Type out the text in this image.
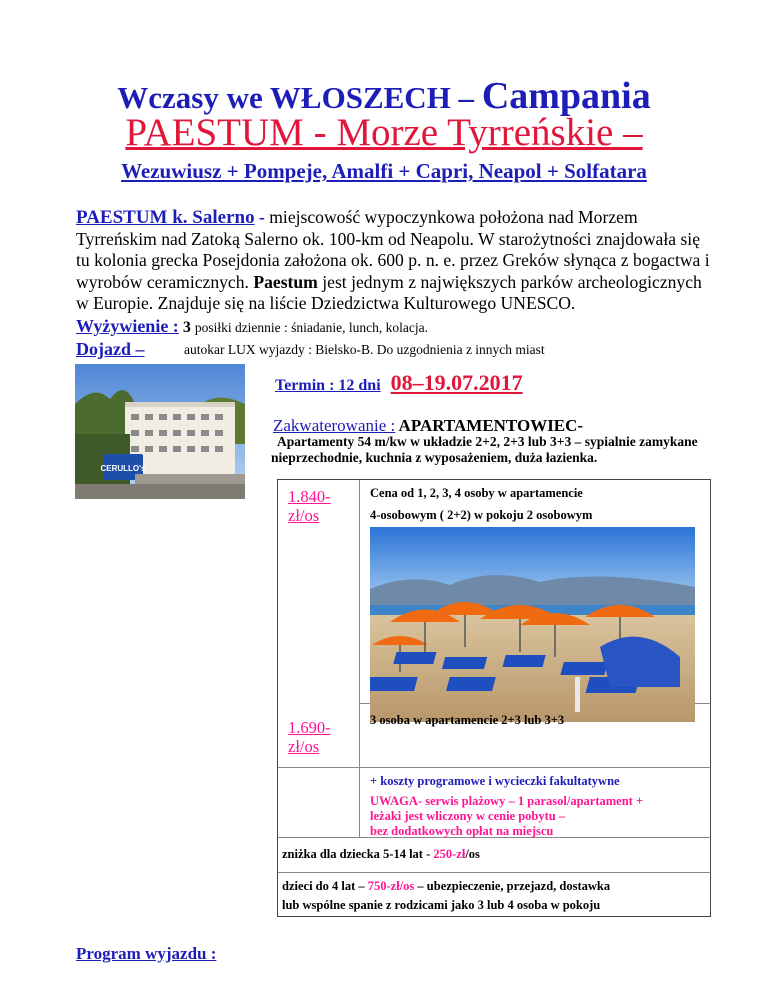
Wczasy we WŁOSZECH – Campania
PAESTUM - Morze Tyrreńskie –
Wezuwiusz + Pompeje, Amalfi + Capri, Neapol + Solfatara
PAESTUM k. Salerno - miejscowość wypoczynkowa położona nad Morzem Tyrreńskim nad Zatoką Salerno ok. 100-km od Neapolu. W starożytności znajdowała się tu kolonia grecka Posejdonia założona ok. 600 p. n. e. przez Greków słynąca z bogactwa i wyrobów ceramicznych. Paestum jest jednym z największych parków archeologicznych w Europie. Znajduje się na liście Dziedzictwa Kulturowego UNESCO.
Wyżywienie : 3 posiłki dziennie : śniadanie, lunch, kolacja.
Dojazd –	autokar LUX wyjazdy : Bielsko-B. Do uzgodnienia z innych miast
CERULLO's
Termin : 12 dni 08–19.07.2017
Zakwaterowanie : APARTAMENTOWIEC-
Apartamenty 54 m/kw w układzie 2+2, 2+3 lub 3+3 – sypialnie zamykane nieprzechodnie, kuchnia z wyposażeniem, duża łazienka.
1.840-
zł/os
Cena od 1, 2, 3, 4 osoby w apartamencie
4-osobowym ( 2+2) w pokoju 2 osobowym
1.690-
zł/os
3 osoba w apartamencie 2+3 lub 3+3
+ koszty programowe i wycieczki fakultatywne
UWAGA- serwis plażowy – 1 parasol/apartament +
leżaki jest wliczony w cenie pobytu –
bez dodatkowych opłat na miejscu
zniżka dla dziecka 5-14 lat - 250-zł/os
dzieci do 4 lat – 750-zł/os – ubezpieczenie, przejazd, dostawka
lub wspólne spanie z rodzicami jako 3 lub 4 osoba w pokoju
Program wyjazdu :
